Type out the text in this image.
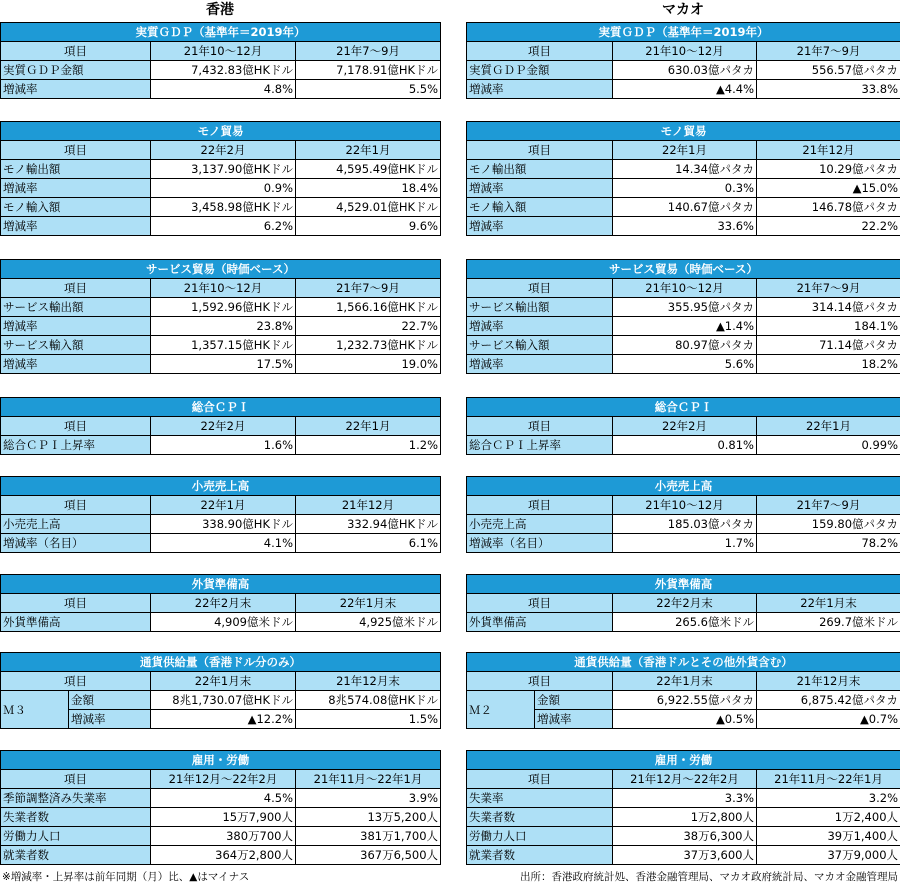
香港
実質ＧＤＰ（基準年＝2019年）		
項目	21年10～12月	21年7～9月
実質ＧＤＰ金額	7,432.83億HKドル	7,178.91億HKドル
増減率	4.8%	5.5%
モノ貿易		
項目	22年2月	22年1月
モノ輸出額	3,137.90億HKドル	4,595.49億HKドル
増減率	0.9%	18.4%
モノ輸入額	3,458.98億HKドル	4,529.01億HKドル
増減率	6.2%	9.6%
サービス貿易（時価ベース）		
項目	21年10～12月	21年7～9月
サービス輸出額	1,592.96億HKドル	1,566.16億HKドル
増減率	23.8%	22.7%
サービス輸入額	1,357.15億HKドル	1,232.73億HKドル
増減率	17.5%	19.0%
総合ＣＰＩ		
項目	22年2月	22年1月
総合ＣＰＩ上昇率	1.6%	1.2%
小売売上高		
項目	22年1月	21年12月
小売売上高	338.90億HKドル	332.94億HKドル
増減率（名目）	4.1%	6.1%
外貨準備高		
項目	22年2月末	22年1月末
外貨準備高	4,909億米ドル	4,925億米ドル
通貨供給量（香港ドル分のみ）			
項目		22年1月末	21年12月末
Ｍ３	金額	8兆1,730.07億HKドル	8兆574.08億HKドル
	増減率	▲12.2%	1.5%
雇用・労働		
項目	21年12月～22年2月	21年11月～22年1月
季節調整済み失業率	4.5%	3.9%
失業者数	15万7,900人	13万5,200人
労働力人口	380万700人	381万1,700人
就業者数	364万2,800人	367万6,500人
マカオ
実質ＧＤＰ（基準年＝2019年）		
項目	21年10～12月	21年7～9月
実質ＧＤＰ金額	630.03億パタカ	556.57億パタカ
増減率	▲4.4%	33.8%
モノ貿易		
項目	22年1月	21年12月
モノ輸出額	14.34億パタカ	10.29億パタカ
増減率	0.3%	▲15.0%
モノ輸入額	140.67億パタカ	146.78億パタカ
増減率	33.6%	22.2%
サービス貿易（時価ベース）		
項目	21年10～12月	21年7～9月
サービス輸出額	355.95億パタカ	314.14億パタカ
増減率	▲1.4%	184.1%
サービス輸入額	80.97億パタカ	71.14億パタカ
増減率	5.6%	18.2%
総合ＣＰＩ		
項目	22年2月	22年1月
総合ＣＰＩ上昇率	0.81%	0.99%
小売売上高		
項目	21年10～12月	21年7～9月
小売売上高	185.03億パタカ	159.80億パタカ
増減率（名目）	1.7%	78.2%
外貨準備高		
項目	22年2月末	22年1月末
外貨準備高	265.6億米ドル	269.7億米ドル
通貨供給量（香港ドルとその他外貨含む）			
項目		22年1月末	21年12月末
Ｍ２	金額	6,922.55億パタカ	6,875.42億パタカ
	増減率	▲0.5%	▲0.7%
雇用・労働		
項目	21年12月～22年2月	21年11月～22年1月
失業率	3.3%	3.2%
失業者数	1万2,800人	1万2,400人
労働力人口	38万6,300人	39万1,400人
就業者数	37万3,600人	37万9,000人
※増減率・上昇率は前年同期（月）比、▲はマイナス	出所：香港政府統計処、香港金融管理局、マカオ政府統計局、マカオ金融管理局
